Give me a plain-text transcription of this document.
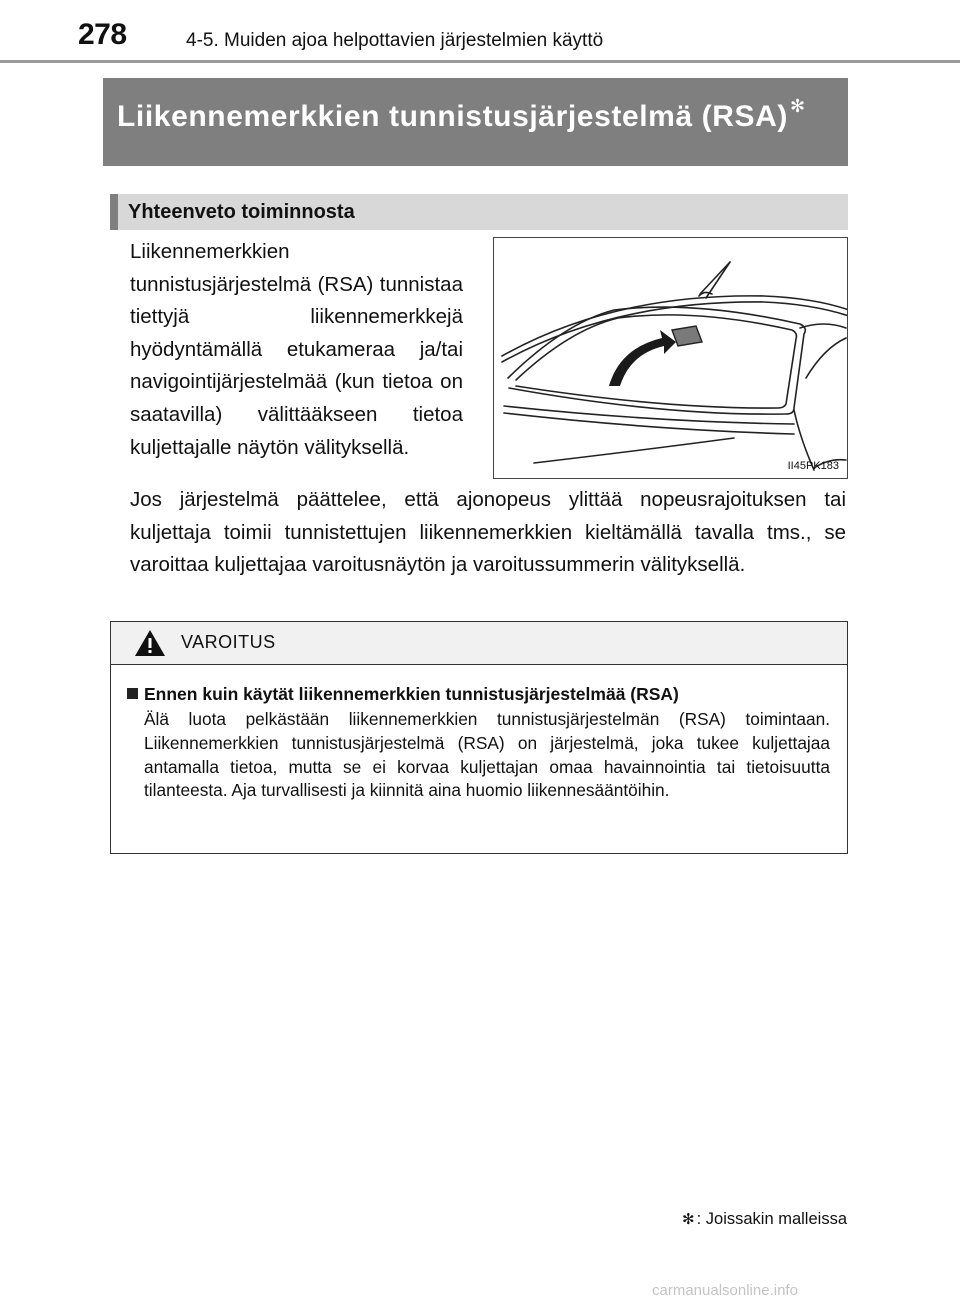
278	4-5. Muiden ajoa helpottavien järjestelmien käyttö
Liikennemerkkien tunnistusjärjestelmä (RSA) ✻
Yhteenveto toiminnosta

Liikennemerkkien tunnistusjärjestelmä (RSA) tunnistaa tiettyjä liikennemerkkejä hyödyntämällä etukameraa ja/tai navigointijärjestelmää (kun tietoa on saatavilla) välittääkseen tietoa kuljettajalle näytön välityksellä.

II45PK183

Jos järjestelmä päättelee, että ajonopeus ylittää nopeusrajoituksen tai kuljettaja toimii tunnistettujen liikennemerkkien kieltämällä tavalla tms., se varoittaa kuljettajaa varoitusnäytön ja varoitussummerin välityksellä.

VAROITUS
Ennen kuin käytät liikennemerkkien tunnistusjärjestelmää (RSA)

Älä luota pelkästään liikennemerkkien tunnistusjärjestelmän (RSA) toimintaan. Liikennemerkkien tunnistusjärjestelmä (RSA) on järjestelmä, joka tukee kuljettajaa antamalla tietoa, mutta se ei korvaa kuljettajan omaa havainnointia tai tietoisuutta tilanteesta. Aja turvallisesti ja kiinnitä aina huomio liikennesääntöihin.

✻ : Joissakin malleissa
carmanualsonline.info
